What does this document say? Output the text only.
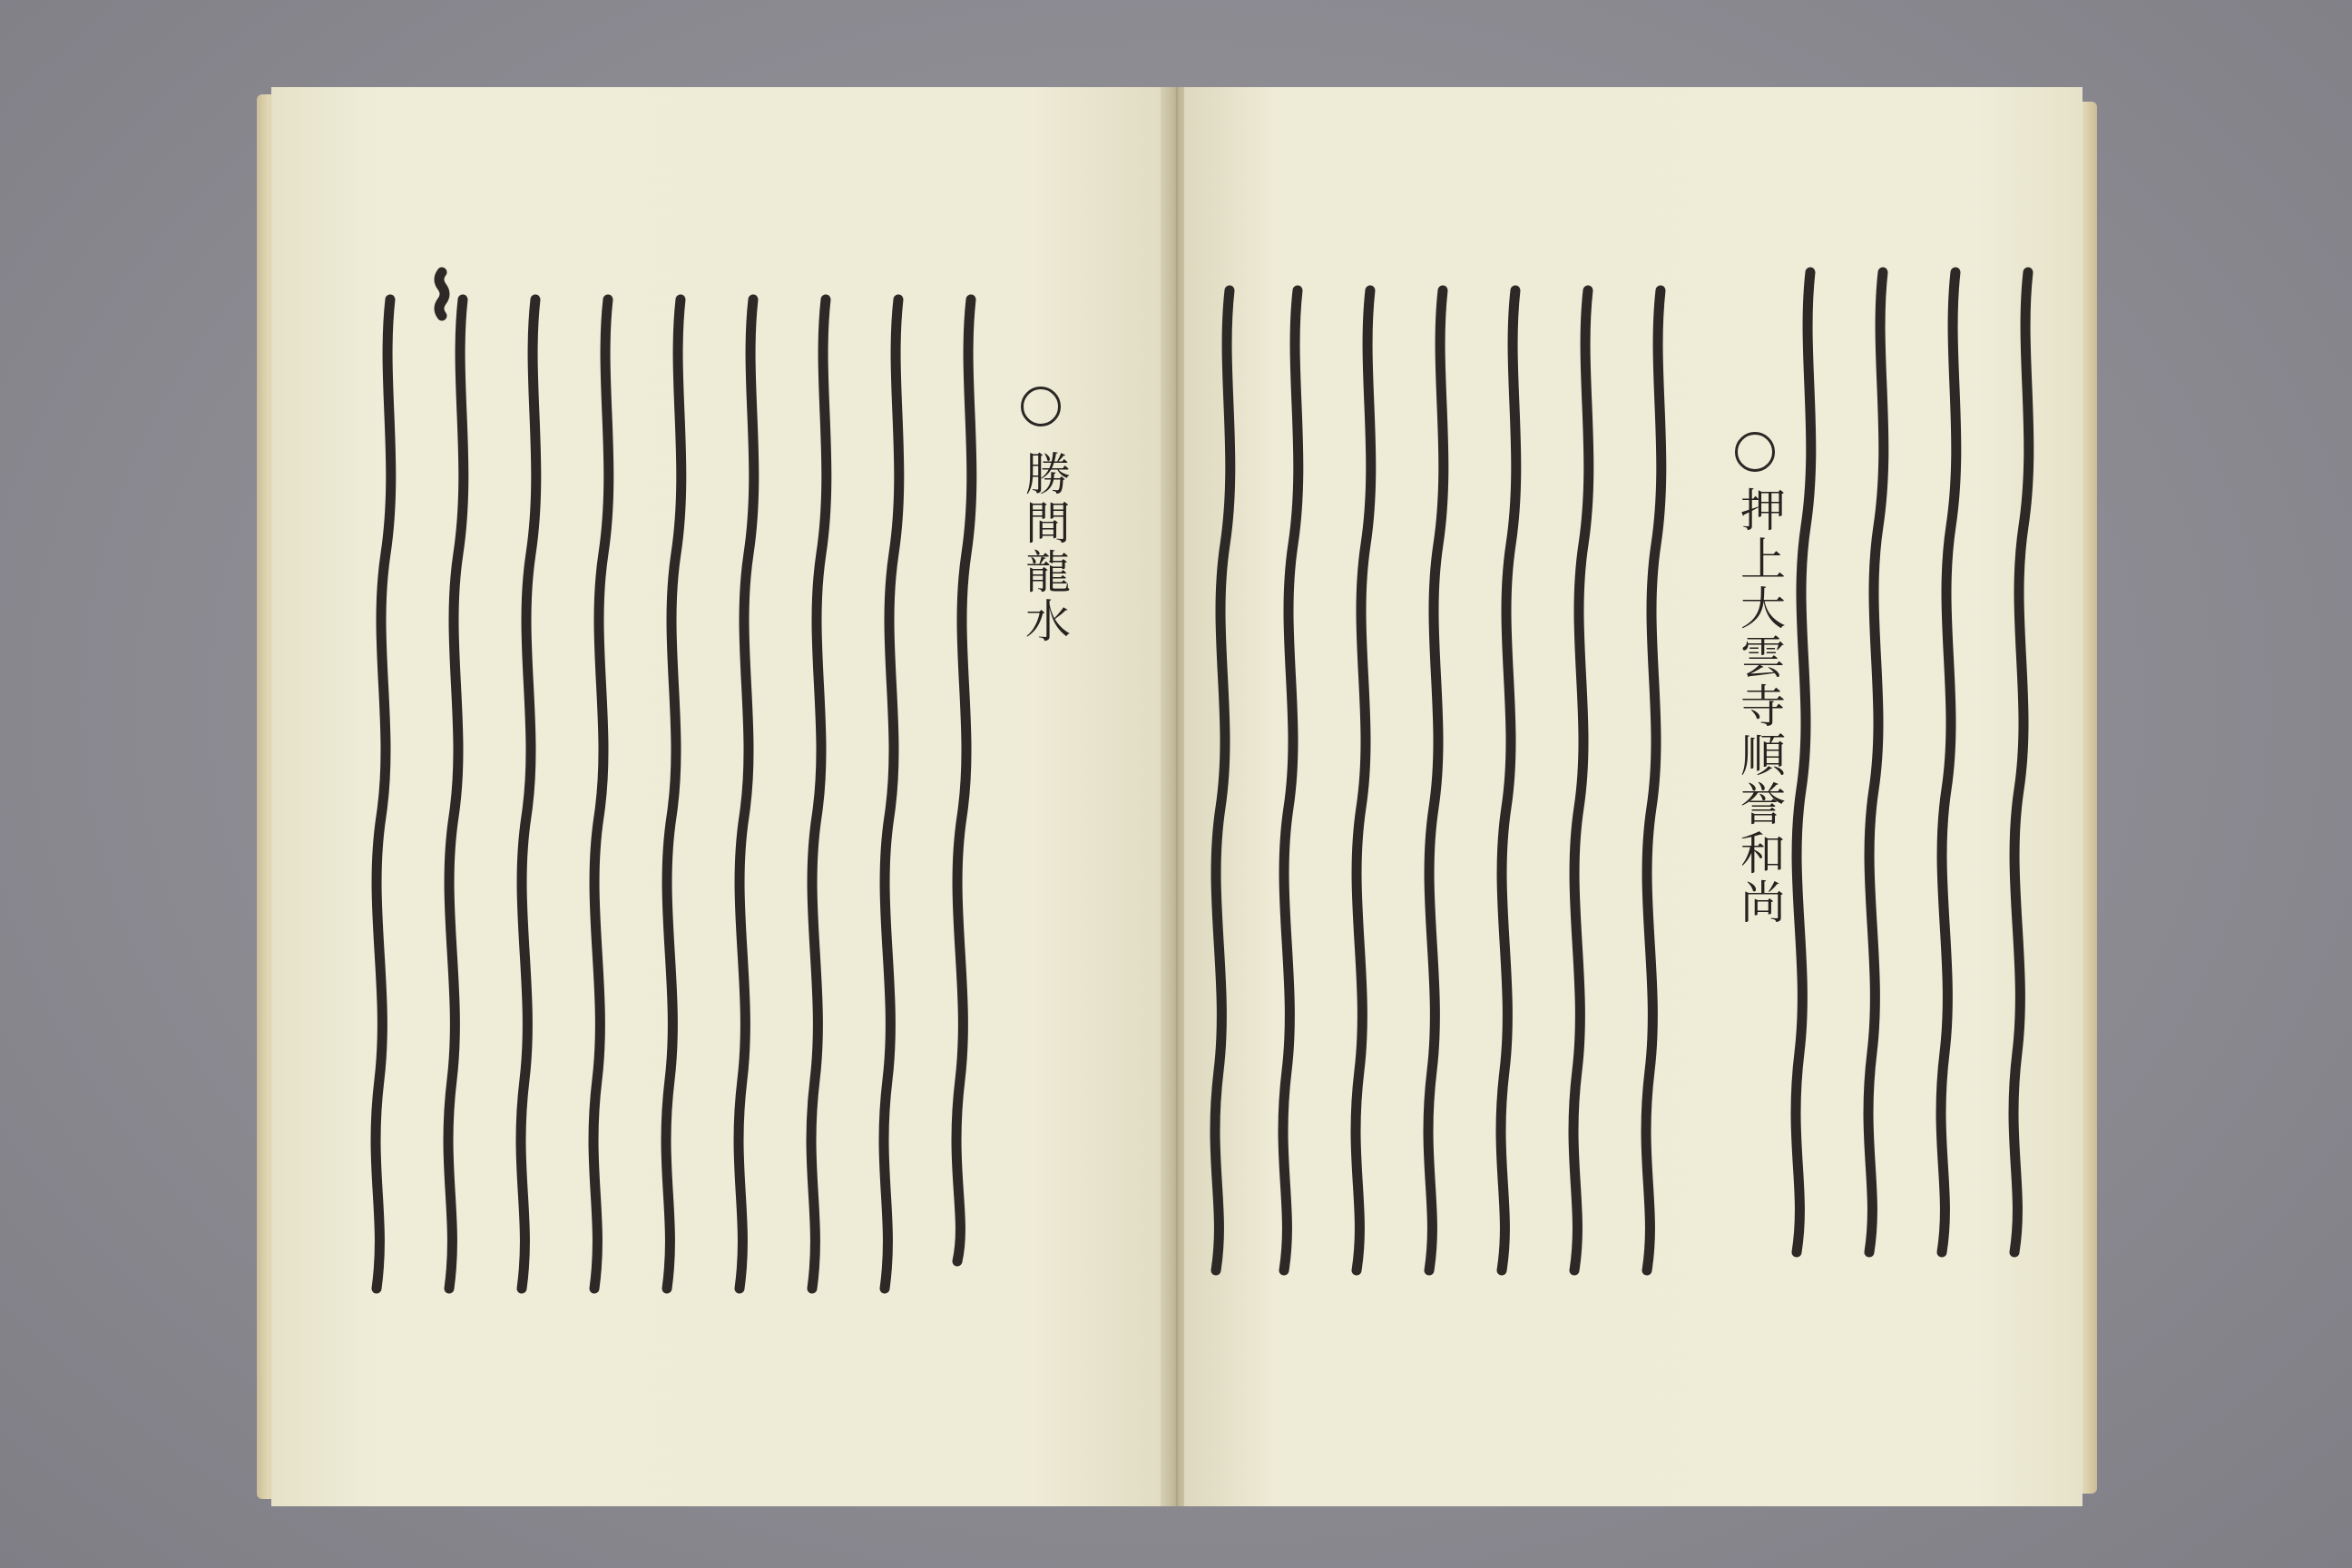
勝間龍水	押上大雲寺順誉和尚
